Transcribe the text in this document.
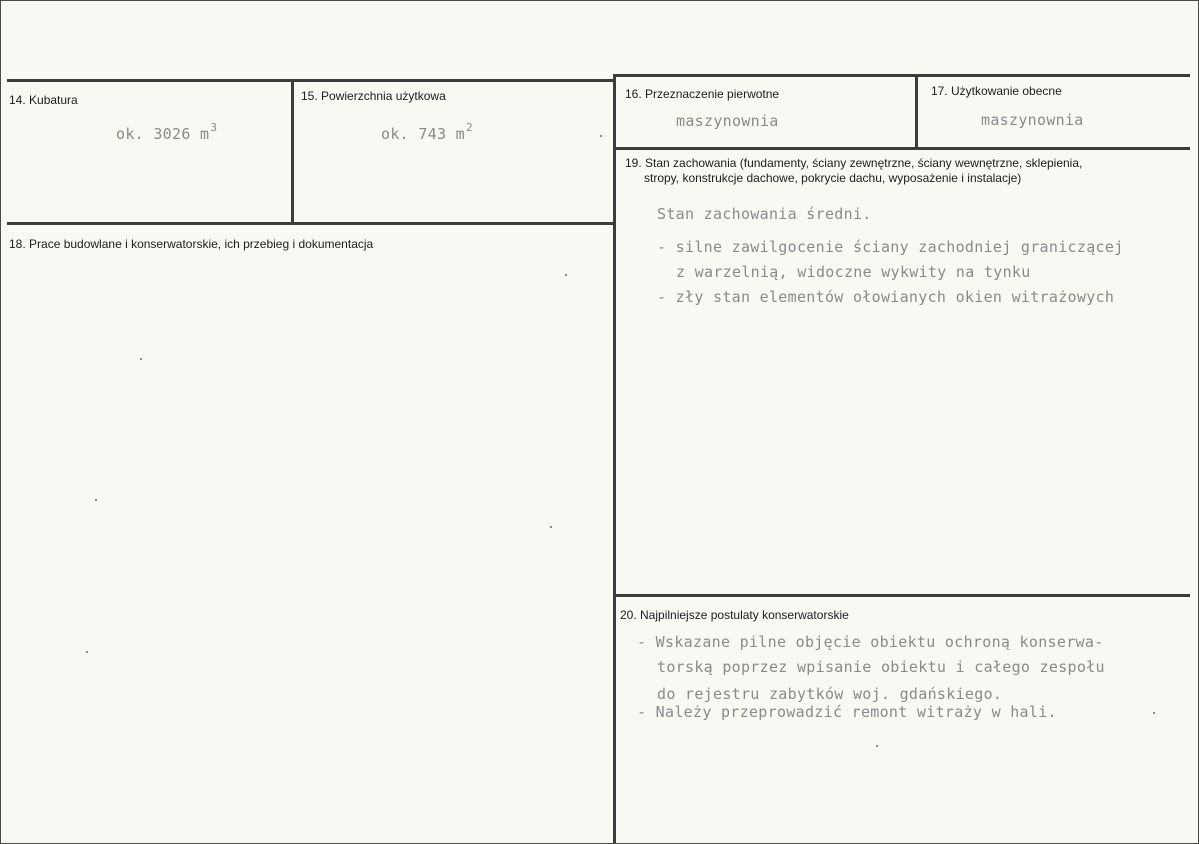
14. Kubatura
ok. 3026 $m^3$
15. Powierzchnia użytkowa
ok. 743 $m^2$
16. Przeznaczenie pierwotne
maszynownia
17. Użytkowanie obecne
maszynownia
18. Prace budowlane i konserwatorskie, ich przebieg i dokumentacja
19. Stan zachowania (fundamenty, ściany zewnętrzne, ściany wewnętrzne, sklepienia,
stropy, konstrukcje dachowe, pokrycie dachu, wyposażenie i instalacje)
Stan zachowania średni.
- silne zawilgocenie ściany zachodniej graniczącej
z warzelnią, widoczne wykwity na tynku
- zły stan elementów ołowianych okien witrażowych
20. Najpilniejsze postulaty konserwatorskie
- Wskazane pilne objęcie obiektu ochroną konserwa-
torską poprzez wpisanie obiektu i całego zespołu
do rejestru zabytków woj. gdańskiego.
- Należy przeprowadzić remont witraży w hali.
